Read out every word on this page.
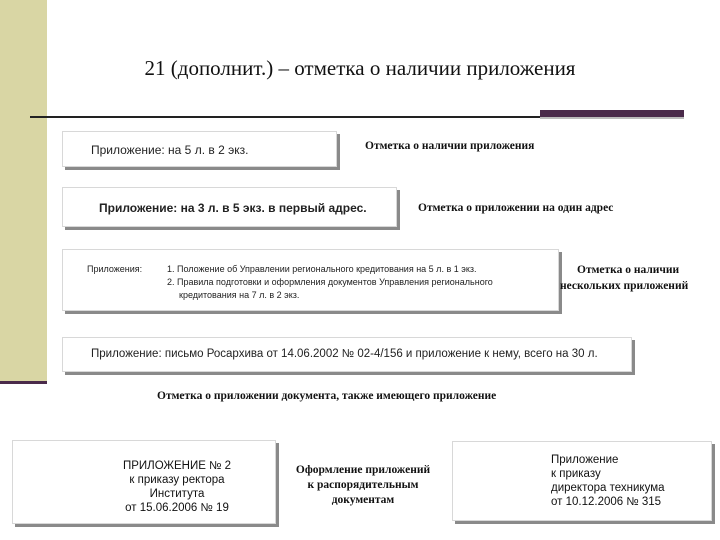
21 (дополнит.) – отметка о наличии приложения
Приложение: на 5 л. в 2 экз.	Отметка о наличии приложения
Приложение: на 3 л. в 5 экз. в первый адрес.	Отметка о приложении на один адрес
Приложения:	1. Положение об Управлении регионального кредитования на 5 л. в 1 экз.
2. Правила подготовки и оформления документов Управления регионального
кредитования на 7 л. в 2 экз.
Отметка о наличии
нескольких приложений
Приложение: письмо Росархива от 14.06.2002 № 02-4/156 и приложение к нему, всего на 30 л.
Отметка о приложении документа, также имеющего приложение
ПРИЛОЖЕНИЕ № 2
к приказу ректора
Института
от 15.06.2006 № 19
Оформление приложений
к распорядительным
документам
Приложение
к приказу
директора техникума
от 10.12.2006 № 315
